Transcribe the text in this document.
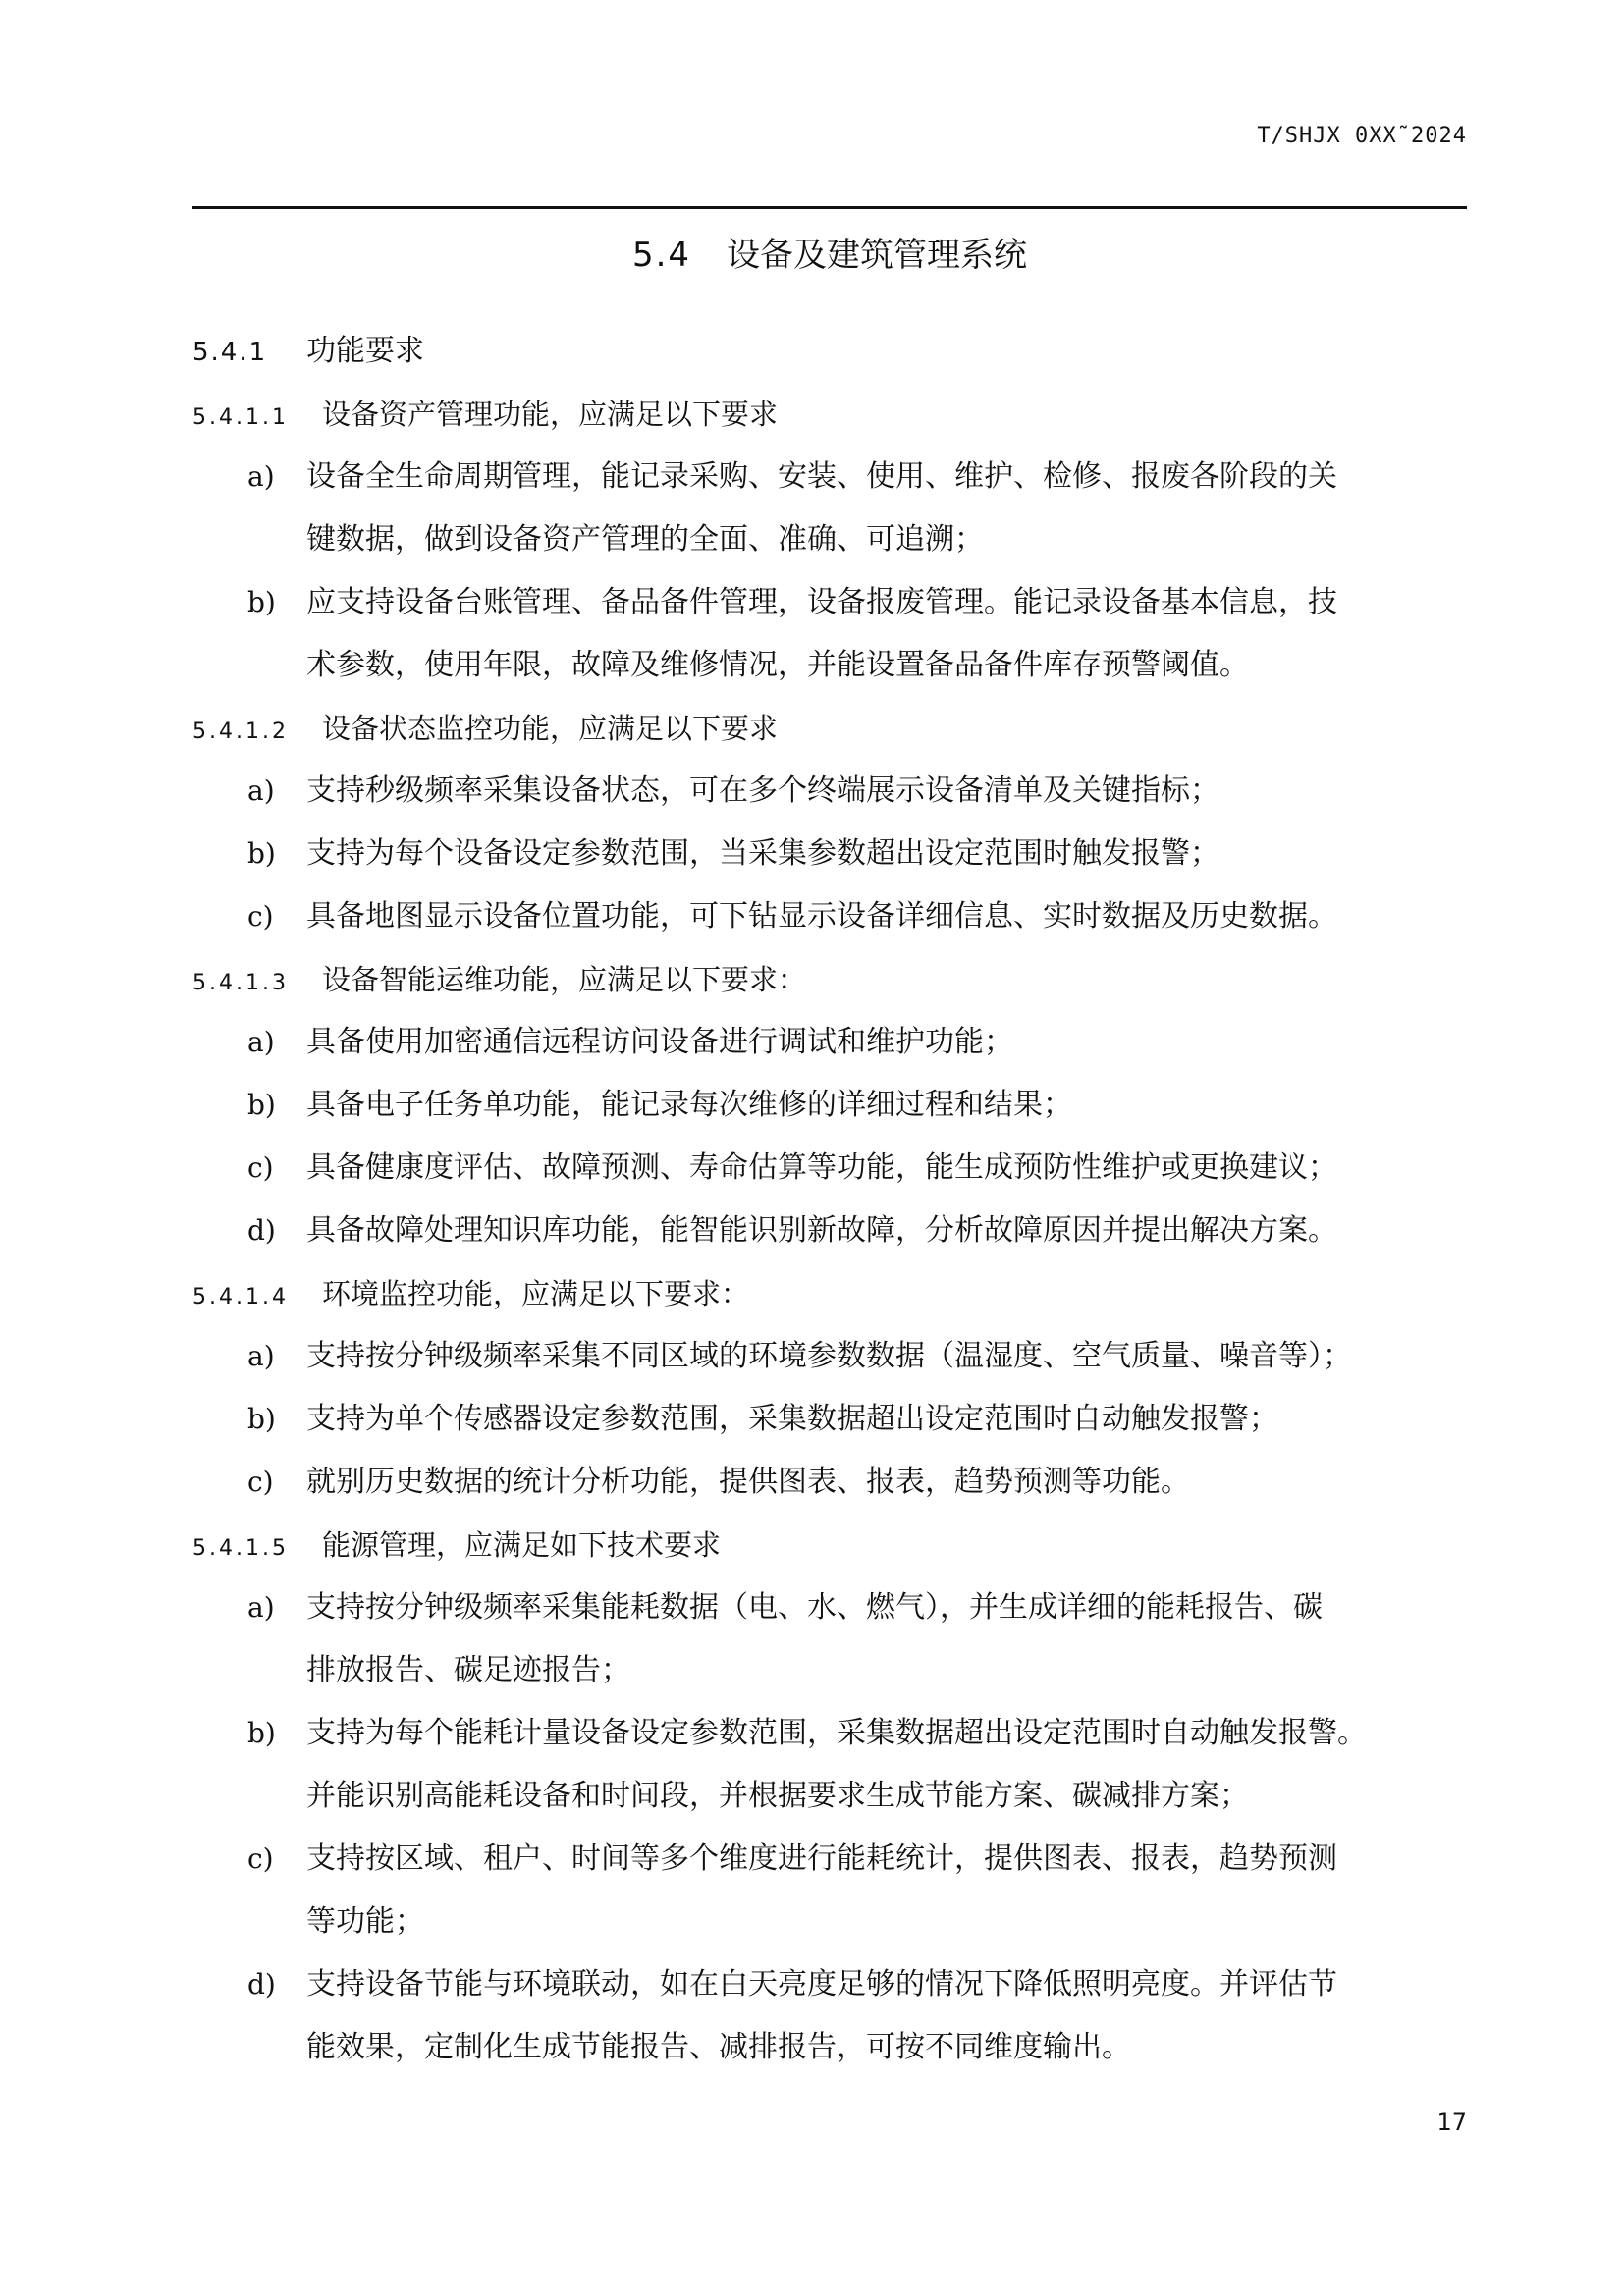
T/SHJX 0XX˜2024
5.4 设备及建筑管理系统
5.4.1 功能要求
5.4.1.1 设备资产管理功能，应满足以下要求
a) 设备全生命周期管理，能记录采购、安装、使用、维护、检修、报废各阶段的关
键数据，做到设备资产管理的全面、准确、可追溯；
b) 应支持设备台账管理、备品备件管理，设备报废管理。能记录设备基本信息，技
术参数，使用年限，故障及维修情况，并能设置备品备件库存预警阈值。
5.4.1.2 设备状态监控功能，应满足以下要求
a) 支持秒级频率采集设备状态，可在多个终端展示设备清单及关键指标；
b) 支持为每个设备设定参数范围，当采集参数超出设定范围时触发报警；
c) 具备地图显示设备位置功能，可下钻显示设备详细信息、实时数据及历史数据。
5.4.1.3 设备智能运维功能，应满足以下要求：
a) 具备使用加密通信远程访问设备进行调试和维护功能；
b) 具备电子任务单功能，能记录每次维修的详细过程和结果；
c) 具备健康度评估、故障预测、寿命估算等功能，能生成预防性维护或更换建议；
d) 具备故障处理知识库功能，能智能识别新故障，分析故障原因并提出解决方案。
5.4.1.4 环境监控功能，应满足以下要求：
a) 支持按分钟级频率采集不同区域的环境参数数据（温湿度、空气质量、噪音等）；
b) 支持为单个传感器设定参数范围，采集数据超出设定范围时自动触发报警；
c) 就别历史数据的统计分析功能，提供图表、报表，趋势预测等功能。
5.4.1.5 能源管理，应满足如下技术要求
a) 支持按分钟级频率采集能耗数据（电、水、燃气），并生成详细的能耗报告、碳
排放报告、碳足迹报告；
b) 支持为每个能耗计量设备设定参数范围，采集数据超出设定范围时自动触发报警。
并能识别高能耗设备和时间段，并根据要求生成节能方案、碳减排方案；
c) 支持按区域、租户、时间等多个维度进行能耗统计，提供图表、报表，趋势预测
等功能；
d) 支持设备节能与环境联动，如在白天亮度足够的情况下降低照明亮度。并评估节
能效果，定制化生成节能报告、减排报告，可按不同维度输出。
17
